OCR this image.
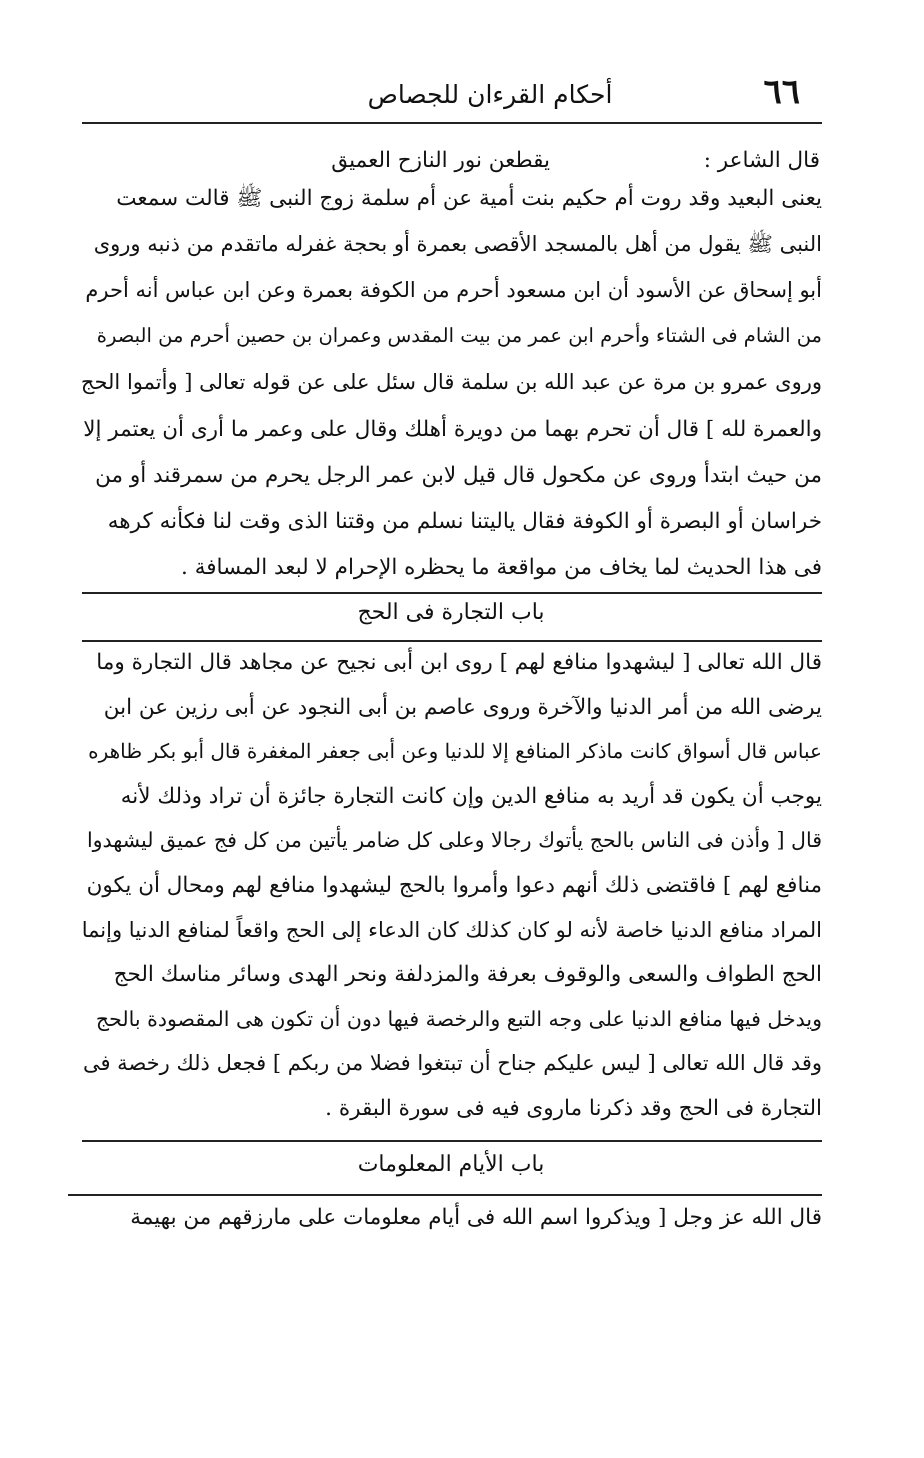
٦٦
أحكام القرءان للجصاص
قال الشاعر :
يقطعن نور النازح العميق
يعنى البعيد وقد روت أم حكيم بنت أمية عن أم سلمة زوج النبى ﷺ قالت سمعت
النبى ﷺ يقول من أهل بالمسجد الأقصى بعمرة أو بحجة غفرله ماتقدم من ذنبه وروى
أبو إسحاق عن الأسود أن ابن مسعود أحرم من الكوفة بعمرة وعن ابن عباس أنه أحرم
من الشام فى الشتاء وأحرم ابن عمر من بيت المقدس وعمران بن حصين أحرم من البصرة
وروى عمرو بن مرة عن عبد الله بن سلمة قال سئل على عن قوله تعالى [ وأتموا الحج
والعمرة لله ] قال أن تحرم بهما من دويرة أهلك وقال على وعمر ما أرى أن يعتمر إلا
من حيث ابتدأ وروى عن مكحول قال قيل لابن عمر الرجل يحرم من سمرقند أو من
خراسان أو البصرة أو الكوفة فقال ياليتنا نسلم من وقتنا الذى وقت لنا فكأنه كرهه
فى هذا الحديث لما يخاف من مواقعة ما يحظره الإحرام لا لبعد المسافة .
باب التجارة فى الحج
قال الله تعالى [ ليشهدوا منافع لهم ] روى ابن أبى نجيح عن مجاهد قال التجارة وما
يرضى الله من أمر الدنيا والآخرة وروى عاصم بن أبى النجود عن أبى رزين عن ابن
عباس قال أسواق كانت ماذكر المنافع إلا للدنيا وعن أبى جعفر المغفرة قال أبو بكر ظاهره
يوجب أن يكون قد أريد به منافع الدين وإن كانت التجارة جائزة أن تراد وذلك لأنه
قال [ وأذن فى الناس بالحج يأتوك رجالا وعلى كل ضامر يأتين من كل فج عميق ليشهدوا
منافع لهم ] فاقتضى ذلك أنهم دعوا وأمروا بالحج ليشهدوا منافع لهم ومحال أن يكون
المراد منافع الدنيا خاصة لأنه لو كان كذلك كان الدعاء إلى الحج واقعاً لمنافع الدنيا وإنما
الحج الطواف والسعى والوقوف بعرفة والمزدلفة ونحر الهدى وسائر مناسك الحج
ويدخل فيها منافع الدنيا على وجه التبع والرخصة فيها دون أن تكون هى المقصودة بالحج
وقد قال الله تعالى [ ليس عليكم جناح أن تبتغوا فضلا من ربكم ] فجعل ذلك رخصة فى
التجارة فى الحج وقد ذكرنا ماروى فيه فى سورة البقرة .
باب الأيام المعلومات
قال الله عز وجل [ ويذكروا اسم الله فى أيام معلومات على مارزقهم من بهيمة
